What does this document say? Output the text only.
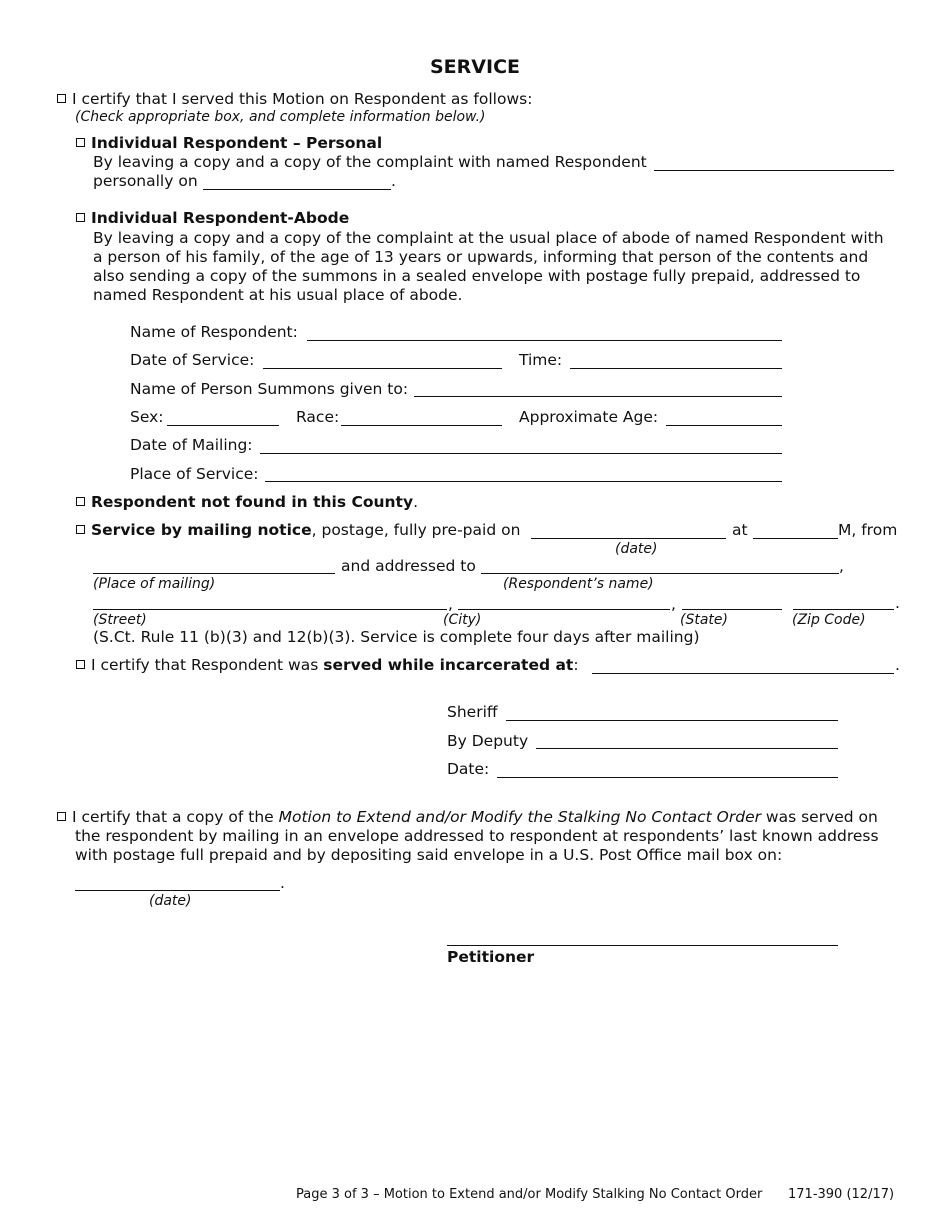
SERVICE
I certify that I served this Motion on Respondent as follows:
(Check appropriate box, and complete information below.)
Individual Respondent – Personal
By leaving a copy and a copy of the complaint with named Respondent
personally on	.
Individual Respondent-Abode
By leaving a copy and a copy of the complaint at the usual place of abode of named Respondent with
a person of his family, of the age of 13 years or upwards, informing that person of the contents and
also sending a copy of the summons in a sealed envelope with postage fully prepaid, addressed to
named Respondent at his usual place of abode.
Name of Respondent:
Date of Service:	Time:
Name of Person Summons given to:
Sex:	Race:	Approximate Age:
Date of Mailing:
Place of Service:
Respondent not found in this County.
Service by mailing notice, postage, fully pre-paid on	at	M, from
(date)
and addressed to	,
(Place of mailing)	(Respondent’s name)
,	,	.
(Street)	(City)	(State)	(Zip Code)
(S.Ct. Rule 11 (b)(3) and 12(b)(3). Service is complete four days after mailing)
I certify that Respondent was served while incarcerated at:	.
Sheriff
By Deputy
Date:
I certify that a copy of the Motion to Extend and/or Modify the Stalking No Contact Order was served on
the respondent by mailing in an envelope addressed to respondent at respondents’ last known address
with postage full prepaid and by depositing said envelope in a U.S. Post Office mail box on:
.
(date)
Petitioner
Page 3 of 3 – Motion to Extend and/or Modify Stalking No Contact Order 171-390 (12/17)
